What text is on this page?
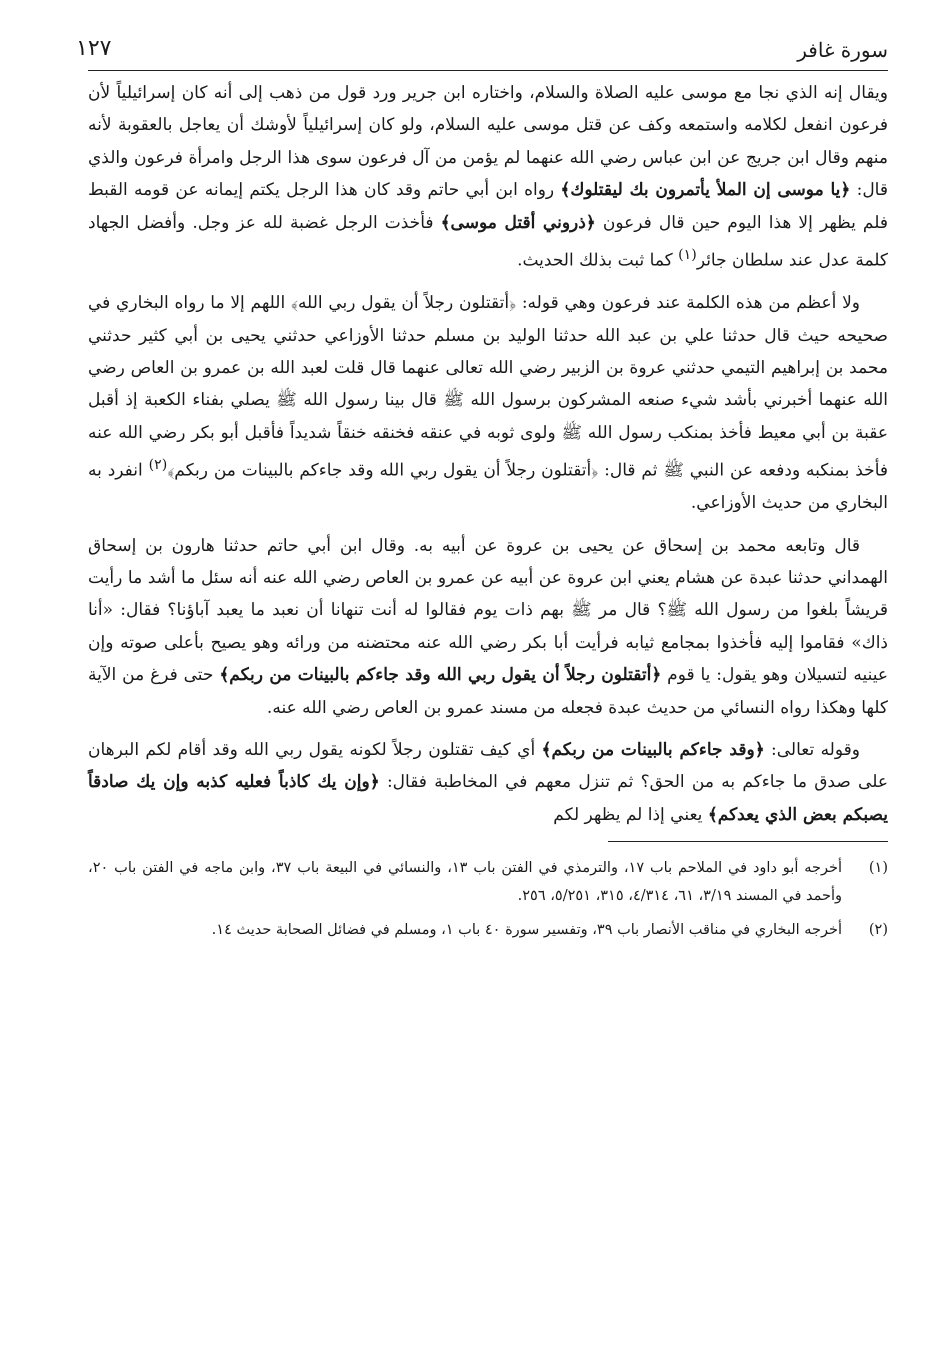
سورة غافر
١٢٧

ويقال إنه الذي نجا مع موسى عليه الصلاة والسلام، واختاره ابن جرير ورد قول من ذهب إلى أنه كان إسرائيلياً لأن فرعون انفعل لكلامه واستمعه وكف عن قتل موسى عليه السلام، ولو كان إسرائيلياً لأوشك أن يعاجل بالعقوبة لأنه منهم وقال ابن جريج عن ابن عباس رضي الله عنهما لم يؤمن من آل فرعون سوى هذا الرجل وامرأة فرعون والذي قال: ﴿يا موسى إن الملأ يأتمرون بك ليقتلوك﴾ رواه ابن أبي حاتم وقد كان هذا الرجل يكتم إيمانه عن قومه القبط فلم يظهر إلا هذا اليوم حين قال فرعون ﴿ذروني أقتل موسى﴾ فأخذت الرجل غضبة لله عز وجل. وأفضل الجهاد كلمة عدل عند سلطان جائر$^{(١)}$ كما ثبت بذلك الحديث.

ولا أعظم من هذه الكلمة عند فرعون وهي قوله: ﴿أتقتلون رجلاً أن يقول ربي الله﴾ اللهم إلا ما رواه البخاري في صحيحه حيث قال حدثنا علي بن عبد الله حدثنا الوليد بن مسلم حدثنا الأوزاعي حدثني يحيى بن أبي كثير حدثني محمد بن إبراهيم التيمي حدثني عروة بن الزبير رضي الله تعالى عنهما قال قلت لعبد الله بن عمرو بن العاص رضي الله عنهما أخبرني بأشد شيء صنعه المشركون برسول الله ﷺ قال بينا رسول الله ﷺ يصلي بفناء الكعبة إذ أقبل عقبة بن أبي معيط فأخذ بمنكب رسول الله ﷺ ولوى ثوبه في عنقه فخنقه خنقاً شديداً فأقبل أبو بكر رضي الله عنه فأخذ بمنكبه ودفعه عن النبي ﷺ ثم قال: ﴿أتقتلون رجلاً أن يقول ربي الله وقد جاءكم بالبينات من ربكم﴾$^{(٢)}$ انفرد به البخاري من حديث الأوزاعي.

قال وتابعه محمد بن إسحاق عن يحيى بن عروة عن أبيه به. وقال ابن أبي حاتم حدثنا هارون بن إسحاق الهمداني حدثنا عبدة عن هشام يعني ابن عروة عن أبيه عن عمرو بن العاص رضي الله عنه أنه سئل ما أشد ما رأيت قريشاً بلغوا من رسول الله ﷺ؟ قال مر ﷺ بهم ذات يوم فقالوا له أنت تنهانا أن نعبد ما يعبد آباؤنا؟ فقال: «أنا ذاك» فقاموا إليه فأخذوا بمجامع ثيابه فرأيت أبا بكر رضي الله عنه محتضنه من ورائه وهو يصيح بأعلى صوته وإن عينيه لتسيلان وهو يقول: يا قوم ﴿أتقتلون رجلاً أن يقول ربي الله وقد جاءكم بالبينات من ربكم﴾ حتى فرغ من الآية كلها وهكذا رواه النسائي من حديث عبدة فجعله من مسند عمرو بن العاص رضي الله عنه.

وقوله تعالى: ﴿وقد جاءكم بالبينات من ربكم﴾ أي كيف تقتلون رجلاً لكونه يقول ربي الله وقد أقام لكم البرهان على صدق ما جاءكم به من الحق؟ ثم تنزل معهم في المخاطبة فقال: ﴿وإن يك كاذباً فعليه كذبه وإن يك صادقاً يصبكم بعض الذي يعدكم﴾ يعني إذا لم يظهر لكم

(١)
أخرجه أبو داود في الملاحم باب ١٧، والترمذي في الفتن باب ١٣، والنسائي في البيعة باب ٣٧، وابن ماجه في الفتن باب ٢٠، وأحمد في المسند ٣/١٩، ٦١، ٤/٣١٤، ٣١٥، ٥/٢٥١، ٢٥٦.

(٢)
أخرجه البخاري في مناقب الأنصار باب ٣٩، وتفسير سورة ٤٠ باب ١، ومسلم في فضائل الصحابة حديث ١٤.
